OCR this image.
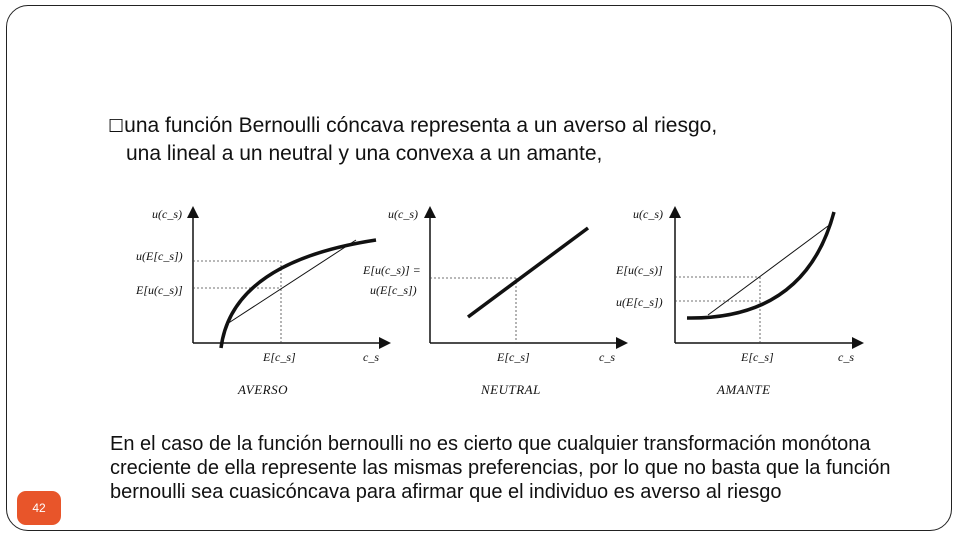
☐una función Bernoulli cóncava representa a un averso al riesgo,
una lineal a un neutral y una convexa a un amante,
u(c_s)
u(E[c_s])
E[u(c_s)]
E[c_s]	c_s
AVERSO
u(c_s)
E[u(c_s)] =
u(E[c_s])
E[c_s]	c_s
NEUTRAL
u(c_s)
E[u(c_s)]
u(E[c_s])
E[c_s]	c_s
AMANTE
En el caso de la función bernoulli no es cierto que cualquier transformación monótona creciente de ella represente las mismas preferencias, por lo que no basta que la función bernoulli sea cuasicóncava para afirmar que el individuo es averso al riesgo
42
